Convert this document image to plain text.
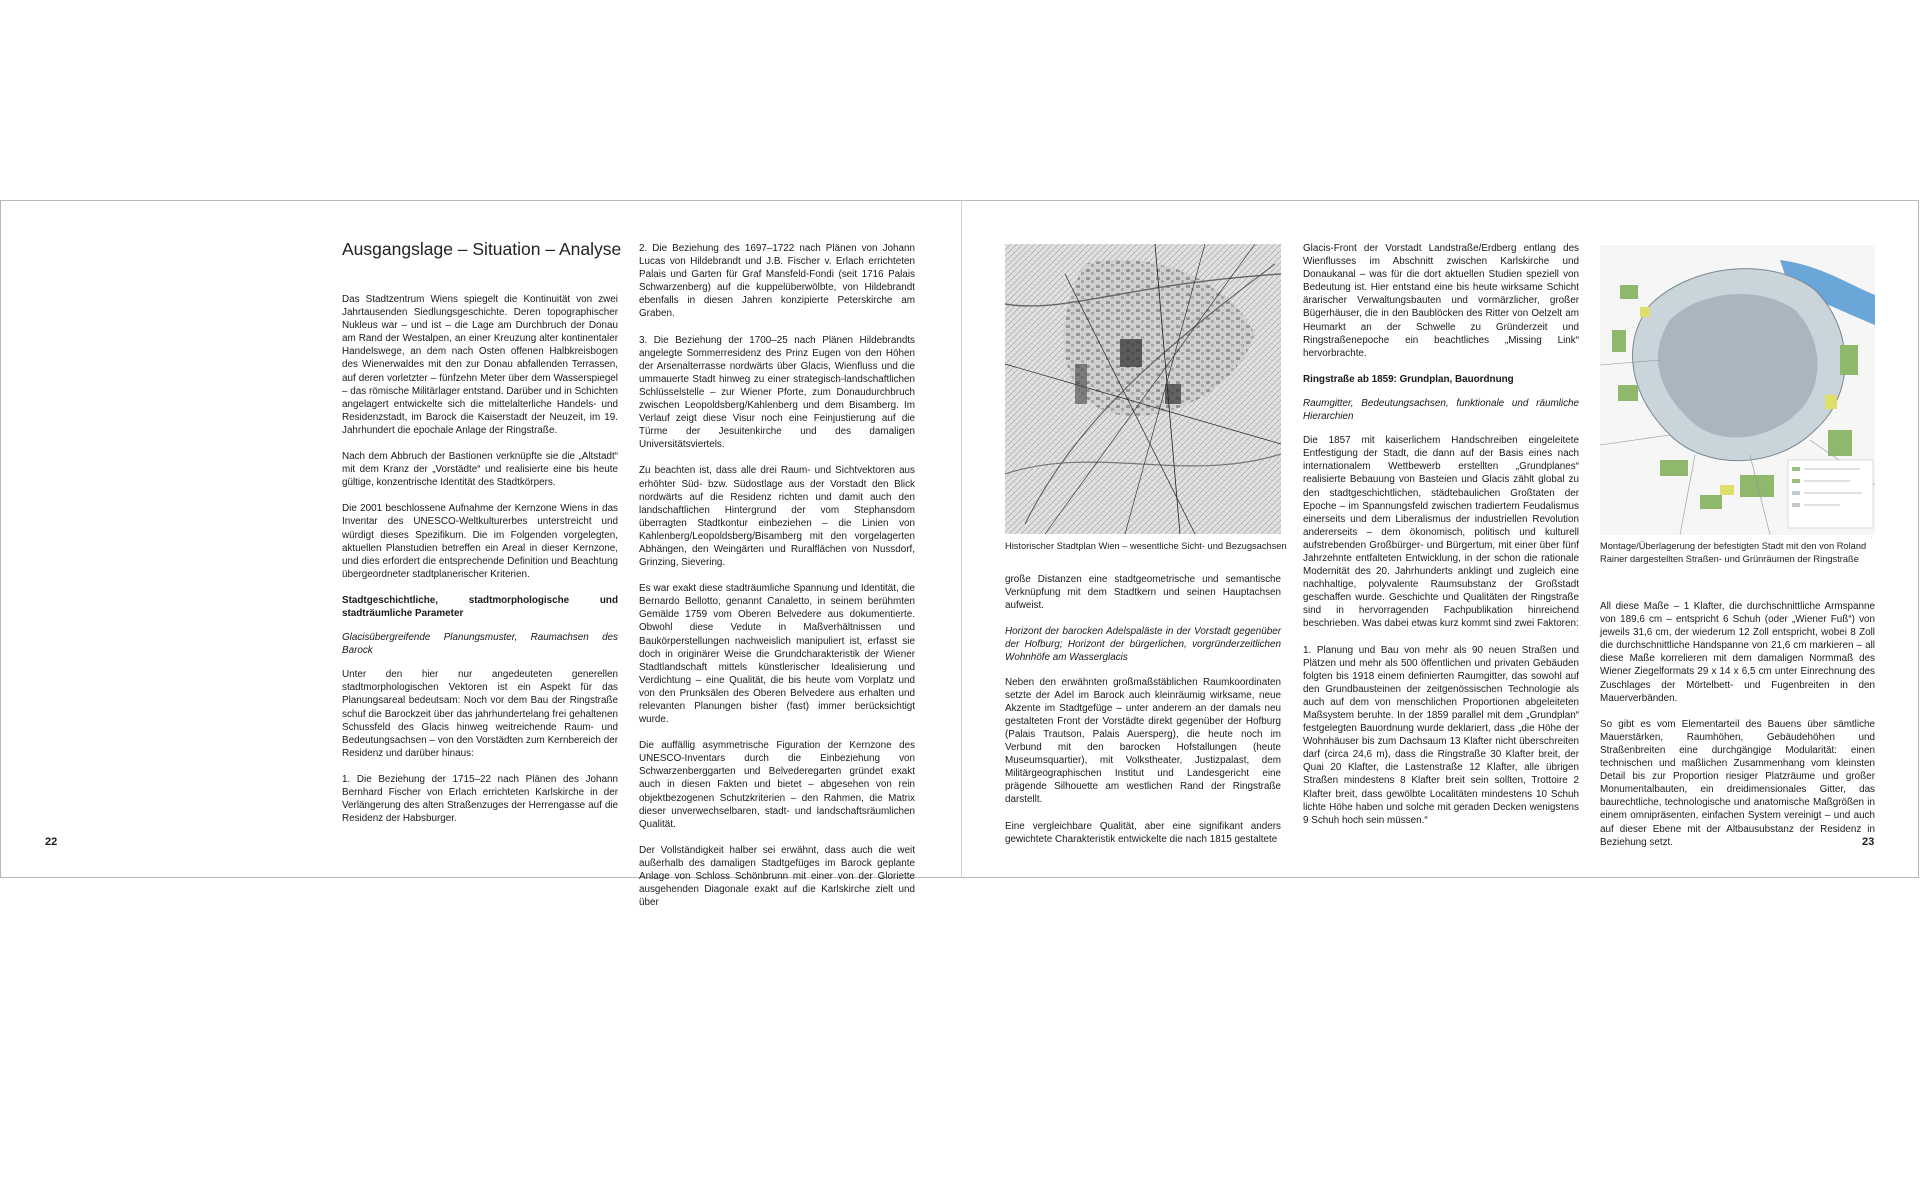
Ausgangslage – Situation – Analyse

Das Stadtzentrum Wiens spiegelt die Kontinuität von zwei Jahrtausenden Siedlungsgeschichte. Deren topographischer Nukleus war – und ist – die Lage am Durchbruch der Donau am Rand der Westalpen, an einer Kreuzung alter kontinentaler Handelswege, an dem nach Osten offenen Halbkreisbogen des Wienerwaldes mit den zur Donau abfallenden Terrassen, auf deren vorletzter – fünfzehn Meter über dem Wasserspiegel – das römische Militärlager entstand. Darüber und in Schichten angelagert entwickelte sich die mittelalterliche Handels- und Residenzstadt, im Barock die Kaiserstadt der Neuzeit, im 19. Jahrhundert die epochale Anlage der Ringstraße.

Nach dem Abbruch der Bastionen verknüpfte sie die „Altstadt“ mit dem Kranz der „Vorstädte“ und realisierte eine bis heute gültige, konzentrische Identität des Stadtkörpers.

Die 2001 beschlossene Aufnahme der Kernzone Wiens in das Inventar des UNESCO-Weltkulturerbes unterstreicht und würdigt dieses Spezifikum. Die im Folgenden vorgelegten, aktuellen Planstudien betreffen ein Areal in dieser Kernzone, und dies erfordert die entsprechende Definition und Beachtung übergeordneter stadtplanerischer Kriterien.

Stadtgeschichtliche, stadtmorphologische und stadträumliche Parameter

Glacisübergreifende Planungsmuster, Raumachsen des Barock

Unter den hier nur angedeuteten generellen stadtmorphologischen Vektoren ist ein Aspekt für das Planungsareal bedeutsam: Noch vor dem Bau der Ringstraße schuf die Barockzeit über das jahrhundertelang frei gehaltenen Schussfeld des Glacis hinweg weitreichende Raum- und Bedeutungsachsen – von den Vorstädten zum Kernbereich der Residenz und darüber hinaus:

1. Die Beziehung der 1715–22 nach Plänen des Johann Bernhard Fischer von Erlach errichteten Karlskirche in der Verlängerung des alten Straßenzuges der Herrengasse auf die Residenz der Habsburger.

2. Die Beziehung des 1697–1722 nach Plänen von Johann Lucas von Hildebrandt und J.B. Fischer v. Erlach errichteten Palais und Garten für Graf Mansfeld-Fondi (seit 1716 Palais Schwarzenberg) auf die kuppelüberwölbte, von Hildebrandt ebenfalls in diesen Jahren konzipierte Peterskirche am Graben.

3. Die Beziehung der 1700–25 nach Plänen Hildebrandts angelegte Sommerresidenz des Prinz Eugen von den Höhen der Arsenalterrasse nordwärts über Glacis, Wienfluss und die ummauerte Stadt hinweg zu einer strategisch-landschaftlichen Schlüsselstelle – zur Wiener Pforte, zum Donaudurchbruch zwischen Leopoldsberg/Kahlenberg und dem Bisamberg. Im Verlauf zeigt diese Visur noch eine Feinjustierung auf die Türme der Jesuitenkirche und des damaligen Universitätsviertels.

Zu beachten ist, dass alle drei Raum- und Sichtvektoren aus erhöhter Süd- bzw. Südostlage aus der Vorstadt den Blick nordwärts auf die Residenz richten und damit auch den landschaftlichen Hintergrund der vom Stephansdom überragten Stadtkontur einbeziehen – die Linien von Kahlenberg/Leopoldsberg/Bisamberg mit den vorgelagerten Abhängen, den Weingärten und Ruralflächen von Nussdorf, Grinzing, Sievering.

Es war exakt diese stadträumliche Spannung und Identität, die Bernardo Bellotto, genannt Canaletto, in seinem berühmten Gemälde 1759 vom Oberen Belvedere aus dokumentierte. Obwohl diese Vedute in Maßverhältnissen und Baukörperstellungen nachweislich manipuliert ist, erfasst sie doch in originärer Weise die Grundcharakteristik der Wiener Stadtlandschaft mittels künstlerischer Idealisierung und Verdichtung – eine Qualität, die bis heute vom Vorplatz und von den Prunksälen des Oberen Belvedere aus erhalten und relevanten Planungen bisher (fast) immer berücksichtigt wurde.

Die auffällig asymmetrische Figuration der Kernzone des UNESCO-Inventars durch die Einbeziehung von Schwarzenberggarten und Belvederegarten gründet exakt auch in diesen Fakten und bietet – abgesehen von rein objektbezogenen Schutzkriterien – den Rahmen, die Matrix dieser unverwechselbaren, stadt- und landschaftsräumlichen Qualität.

Der Vollständigkeit halber sei erwähnt, dass auch die weit außerhalb des damaligen Stadtgefüges im Barock geplante Anlage von Schloss Schönbrunn mit einer von der Gloriette ausgehenden Diagonale exakt auf die Karlskirche zielt und über

22
Historischer Stadtplan Wien – wesentliche Sicht- und Bezugsachsen

große Distanzen eine stadtgeometrische und semantische Verknüpfung mit dem Stadtkern und seinen Hauptachsen aufweist.

Horizont der barocken Adelspaläste in der Vorstadt gegenüber der Hofburg; Horizont der bürgerlichen, vorgründerzeitlichen Wohnhöfe am Wasserglacis

Neben den erwähnten großmaßstäblichen Raumkoordinaten setzte der Adel im Barock auch kleinräumig wirksame, neue Akzente im Stadtgefüge – unter anderem an der damals neu gestalteten Front der Vorstädte direkt gegenüber der Hofburg (Palais Trautson, Palais Auersperg), die heute noch im Verbund mit den barocken Hofstallungen (heute Museumsquartier), mit Volkstheater, Justizpalast, dem Militärgeographischen Institut und Landesgericht eine prägende Silhouette am westlichen Rand der Ringstraße darstellt.

Eine vergleichbare Qualität, aber eine signifikant anders gewichtete Charakteristik entwickelte die nach 1815 gestaltete

Glacis-Front der Vorstadt Landstraße/Erdberg entlang des Wienflusses im Abschnitt zwischen Karlskirche und Donaukanal – was für die dort aktuellen Studien speziell von Bedeutung ist. Hier entstand eine bis heute wirksame Schicht ärarischer Verwaltungsbauten und vormärzlicher, großer Bügerhäuser, die in den Baublöcken des Ritter von Oelzelt am Heumarkt an der Schwelle zu Gründerzeit und Ringstraßenepoche ein beachtliches „Missing Link“ hervorbrachte.

Ringstraße ab 1859: Grundplan, Bauordnung

Raumgitter, Bedeutungsachsen, funktionale und räumliche Hierarchien

Die 1857 mit kaiserlichem Handschreiben eingeleitete Entfestigung der Stadt, die dann auf der Basis eines nach internationalem Wettbewerb erstellten „Grundplanes“ realisierte Bebauung von Basteien und Glacis zählt global zu den stadtgeschichtlichen, städtebaulichen Großtaten der Epoche – im Spannungsfeld zwischen tradiertem Feudalismus einerseits und dem Liberalismus der industriellen Revolution andererseits – dem ökonomisch, politisch und kulturell aufstrebenden Großbürger- und Bürgertum, mit einer über fünf Jahrzehnte entfalteten Entwicklung, in der schon die rationale Modernität des 20. Jahrhunderts anklingt und zugleich eine nachhaltige, polyvalente Raumsubstanz der Großstadt geschaffen wurde. Geschichte und Qualitäten der Ringstraße sind in hervorragenden Fachpublikation hinreichend beschrieben. Was dabei etwas kurz kommt sind zwei Faktoren:

1. Planung und Bau von mehr als 90 neuen Straßen und Plätzen und mehr als 500 öffentlichen und privaten Gebäuden folgten bis 1918 einem definierten Raumgitter, das sowohl auf den Grundbausteinen der zeitgenössischen Technologie als auch auf dem von menschlichen Proportionen abgeleiteten Maßsystem beruhte. In der 1859 parallel mit dem „Grundplan“ festgelegten Bauordnung wurde deklariert, dass „die Höhe der Wohnhäuser bis zum Dachsaum 13 Klafter nicht überschreiten darf (circa 24,6 m), dass die Ringstraße 30 Klafter breit, der Quai 20 Klafter, die Lastenstraße 12 Klafter, alle übrigen Straßen mindestens 8 Klafter breit sein sollten, Trottoire 2 Klafter breit, dass gewölbte Localitäten mindestens 10 Schuh lichte Höhe haben und solche mit geraden Decken wenigstens 9 Schuh hoch sein müssen.“

Montage/Überlagerung der befestigten Stadt mit den von Roland Rainer dargestellten Straßen- und Grünräumen der Ringstraße

All diese Maße – 1 Klafter, die durchschnittliche Armspanne von 189,6 cm – entspricht 6 Schuh (oder „Wiener Fuß“) von jeweils 31,6 cm, der wiederum 12 Zoll entspricht, wobei 8 Zoll die durchschnittliche Handspanne von 21,6 cm markieren – all diese Maße korrelieren mit dem damaligen Normmaß des Wiener Ziegelformats 29 x 14 x 6,5 cm unter Einrechnung des Zuschlages der Mörtelbett- und Fugenbreiten in den Mauerverbänden.

So gibt es vom Elementarteil des Bauens über sämtliche Mauerstärken, Raumhöhen, Gebäudehöhen und Straßenbreiten eine durchgängige Modularität: einen technischen und maßlichen Zusammenhang vom kleinsten Detail bis zur Proportion riesiger Platzräume und großer Monumentalbauten, ein dreidimensionales Gitter, das baurechtliche, technologische und anatomische Maßgrößen in einem omnipräsenten, einfachen System vereinigt – und auch auf dieser Ebene mit der Altbausubstanz der Residenz in Beziehung setzt.	23
